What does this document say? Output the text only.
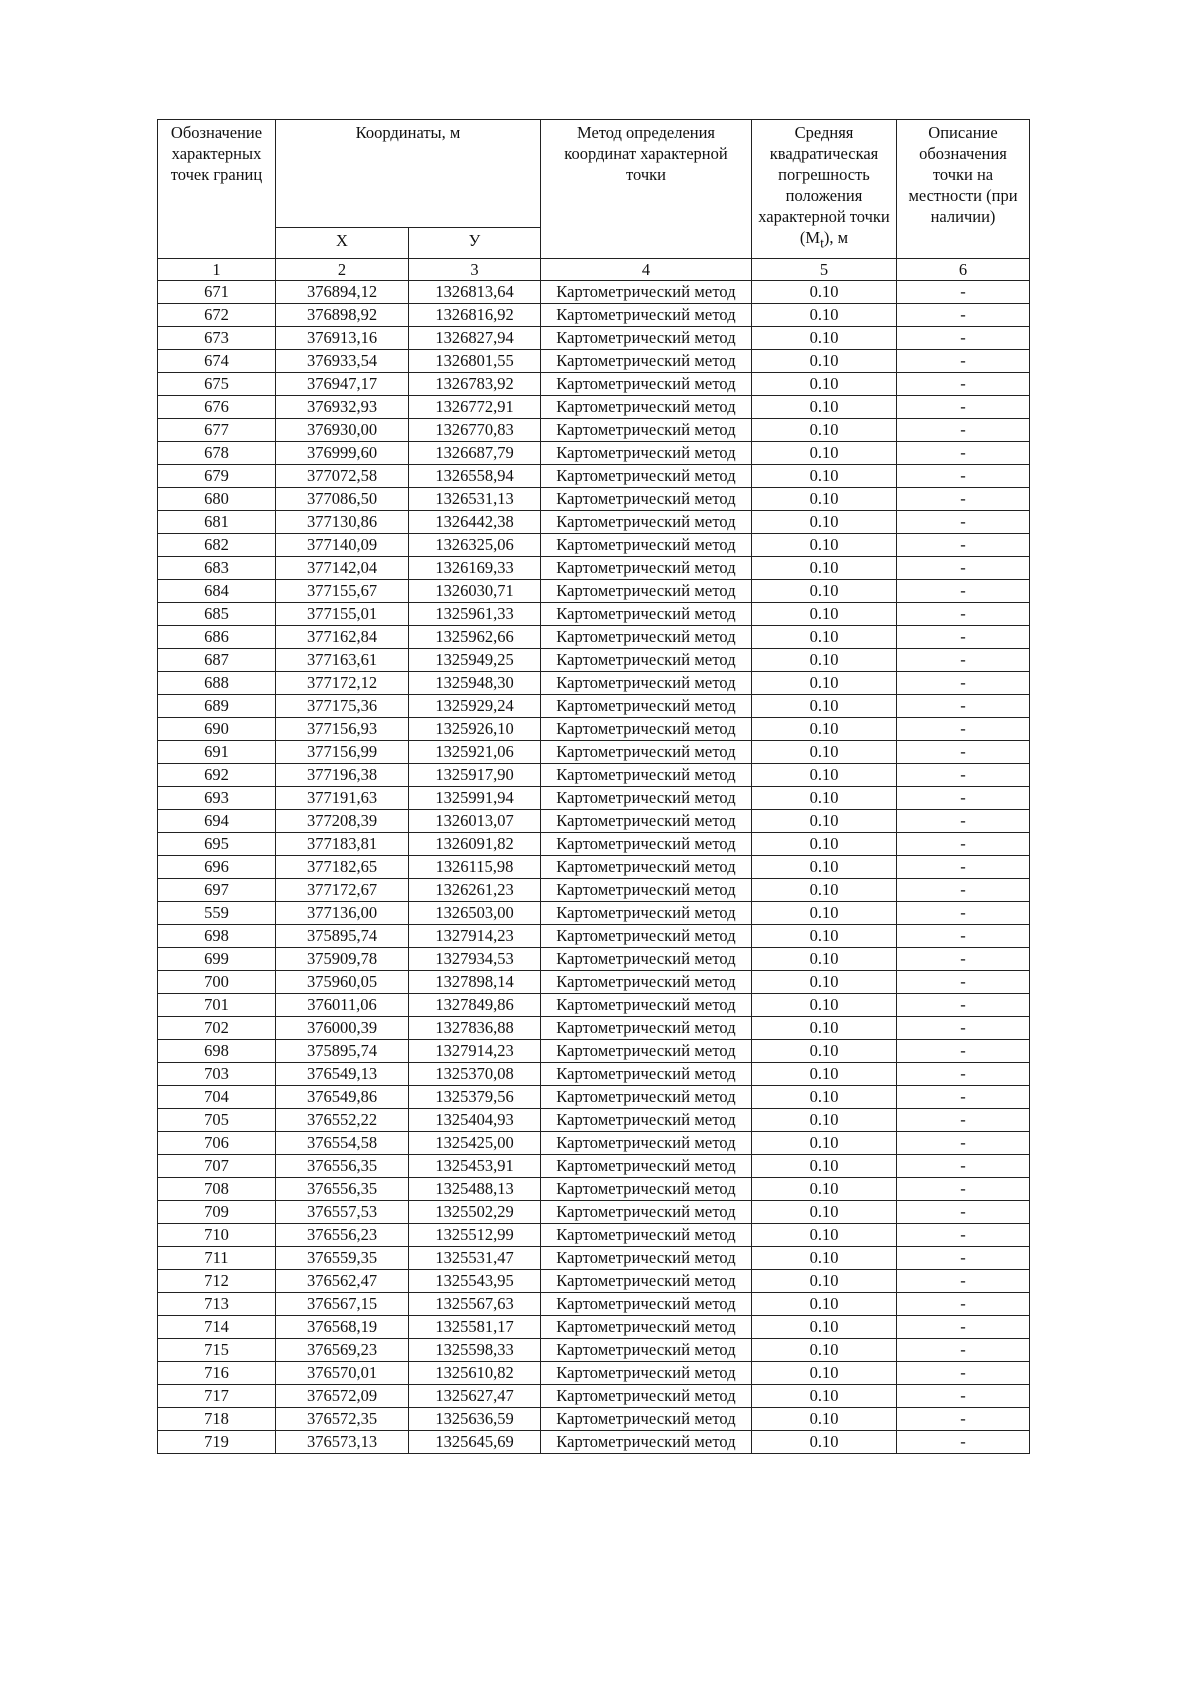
Обозначение характерных точек границ	Координаты, м		Метод определения координат характерной точки	Средняя квадратическая погрешность положения характерной точки $(M_t)$, м	Описание обозначения точки на местности (при наличии)
	Х	У			
1	2	3	4	5	6
671	376894,12	1326813,64	Картометрический метод	0.10	-
672	376898,92	1326816,92	Картометрический метод	0.10	-
673	376913,16	1326827,94	Картометрический метод	0.10	-
674	376933,54	1326801,55	Картометрический метод	0.10	-
675	376947,17	1326783,92	Картометрический метод	0.10	-
676	376932,93	1326772,91	Картометрический метод	0.10	-
677	376930,00	1326770,83	Картометрический метод	0.10	-
678	376999,60	1326687,79	Картометрический метод	0.10	-
679	377072,58	1326558,94	Картометрический метод	0.10	-
680	377086,50	1326531,13	Картометрический метод	0.10	-
681	377130,86	1326442,38	Картометрический метод	0.10	-
682	377140,09	1326325,06	Картометрический метод	0.10	-
683	377142,04	1326169,33	Картометрический метод	0.10	-
684	377155,67	1326030,71	Картометрический метод	0.10	-
685	377155,01	1325961,33	Картометрический метод	0.10	-
686	377162,84	1325962,66	Картометрический метод	0.10	-
687	377163,61	1325949,25	Картометрический метод	0.10	-
688	377172,12	1325948,30	Картометрический метод	0.10	-
689	377175,36	1325929,24	Картометрический метод	0.10	-
690	377156,93	1325926,10	Картометрический метод	0.10	-
691	377156,99	1325921,06	Картометрический метод	0.10	-
692	377196,38	1325917,90	Картометрический метод	0.10	-
693	377191,63	1325991,94	Картометрический метод	0.10	-
694	377208,39	1326013,07	Картометрический метод	0.10	-
695	377183,81	1326091,82	Картометрический метод	0.10	-
696	377182,65	1326115,98	Картометрический метод	0.10	-
697	377172,67	1326261,23	Картометрический метод	0.10	-
559	377136,00	1326503,00	Картометрический метод	0.10	-
698	375895,74	1327914,23	Картометрический метод	0.10	-
699	375909,78	1327934,53	Картометрический метод	0.10	-
700	375960,05	1327898,14	Картометрический метод	0.10	-
701	376011,06	1327849,86	Картометрический метод	0.10	-
702	376000,39	1327836,88	Картометрический метод	0.10	-
698	375895,74	1327914,23	Картометрический метод	0.10	-
703	376549,13	1325370,08	Картометрический метод	0.10	-
704	376549,86	1325379,56	Картометрический метод	0.10	-
705	376552,22	1325404,93	Картометрический метод	0.10	-
706	376554,58	1325425,00	Картометрический метод	0.10	-
707	376556,35	1325453,91	Картометрический метод	0.10	-
708	376556,35	1325488,13	Картометрический метод	0.10	-
709	376557,53	1325502,29	Картометрический метод	0.10	-
710	376556,23	1325512,99	Картометрический метод	0.10	-
711	376559,35	1325531,47	Картометрический метод	0.10	-
712	376562,47	1325543,95	Картометрический метод	0.10	-
713	376567,15	1325567,63	Картометрический метод	0.10	-
714	376568,19	1325581,17	Картометрический метод	0.10	-
715	376569,23	1325598,33	Картометрический метод	0.10	-
716	376570,01	1325610,82	Картометрический метод	0.10	-
717	376572,09	1325627,47	Картометрический метод	0.10	-
718	376572,35	1325636,59	Картометрический метод	0.10	-
719	376573,13	1325645,69	Картометрический метод	0.10	-
